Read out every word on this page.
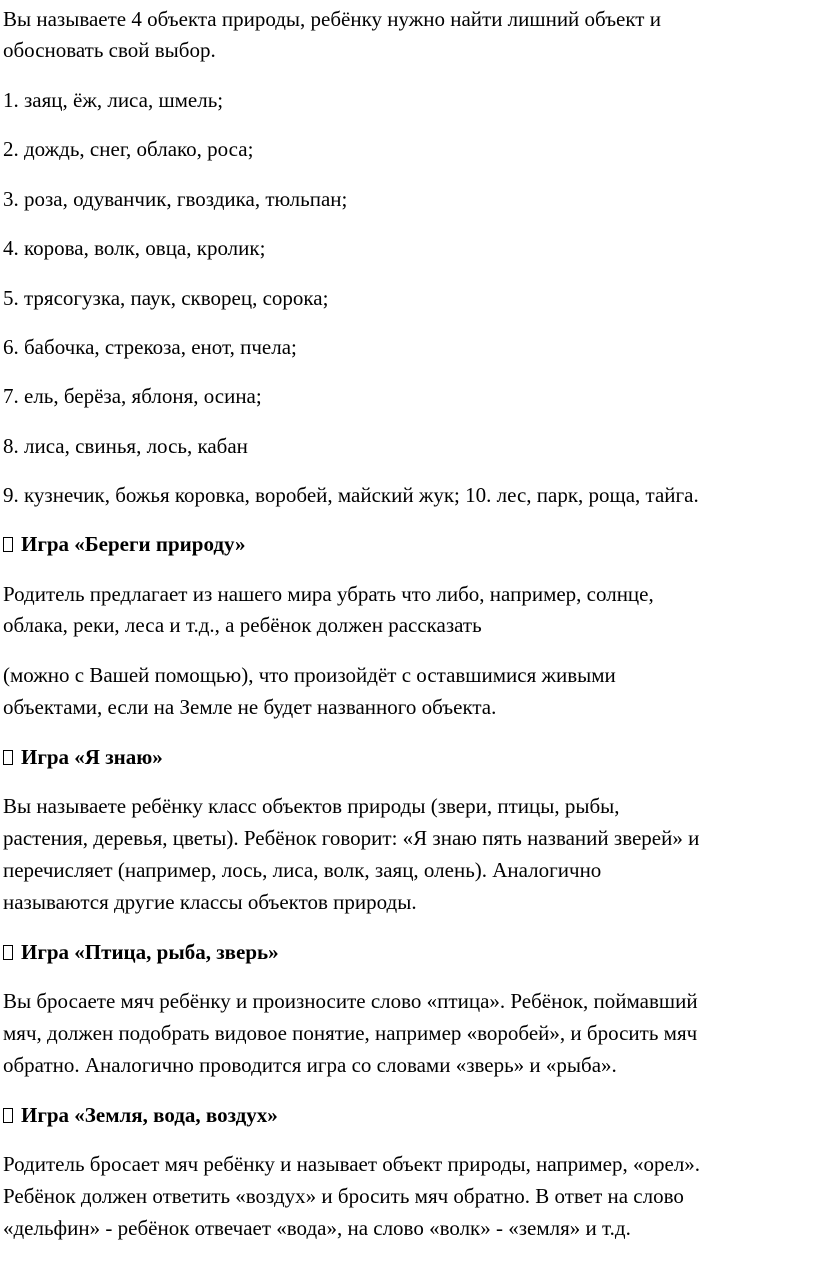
Вы называете 4 объекта природы, ребёнку нужно найти лишний объект и
обосновать свой выбор.
1. заяц, ёж, лиса, шмель;
2. дождь, снег, облако, роса;
3. роза, одуванчик, гвоздика, тюльпан;
4. корова, волк, овца, кролик;
5. трясогузка, паук, скворец, сорока;
6. бабочка, стрекоза, енот, пчела;
7. ель, берёза, яблоня, осина;
8. лиса, свинья, лось, кабан
9. кузнечик, божья коровка, воробей, майский жук; 10. лес, парк, роща, тайга.
Игра «Береги природу»
Родитель предлагает из нашего мира убрать что либо, например, солнце,
облака, реки, леса и т.д., а ребёнок должен рассказать
(можно с Вашей помощью), что произойдёт с оставшимися живыми
объектами, если на Земле не будет названного объекта.
Игра «Я знаю»
Вы называете ребёнку класс объектов природы (звери, птицы, рыбы,
растения, деревья, цветы). Ребёнок говорит: «Я знаю пять названий зверей» и
перечисляет (например, лось, лиса, волк, заяц, олень). Аналогично
называются другие классы объектов природы.
Игра «Птица, рыба, зверь»
Вы бросаете мяч ребёнку и произносите слово «птица». Ребёнок, поймавший
мяч, должен подобрать видовое понятие, например «воробей», и бросить мяч
обратно. Аналогично проводится игра со словами «зверь» и «рыба».
Игра «Земля, вода, воздух»
Родитель бросает мяч ребёнку и называет объект природы, например, «орел».
Ребёнок должен ответить «воздух» и бросить мяч обратно. В ответ на слово
«дельфин» - ребёнок отвечает «вода», на слово «волк» - «земля» и т.д.
